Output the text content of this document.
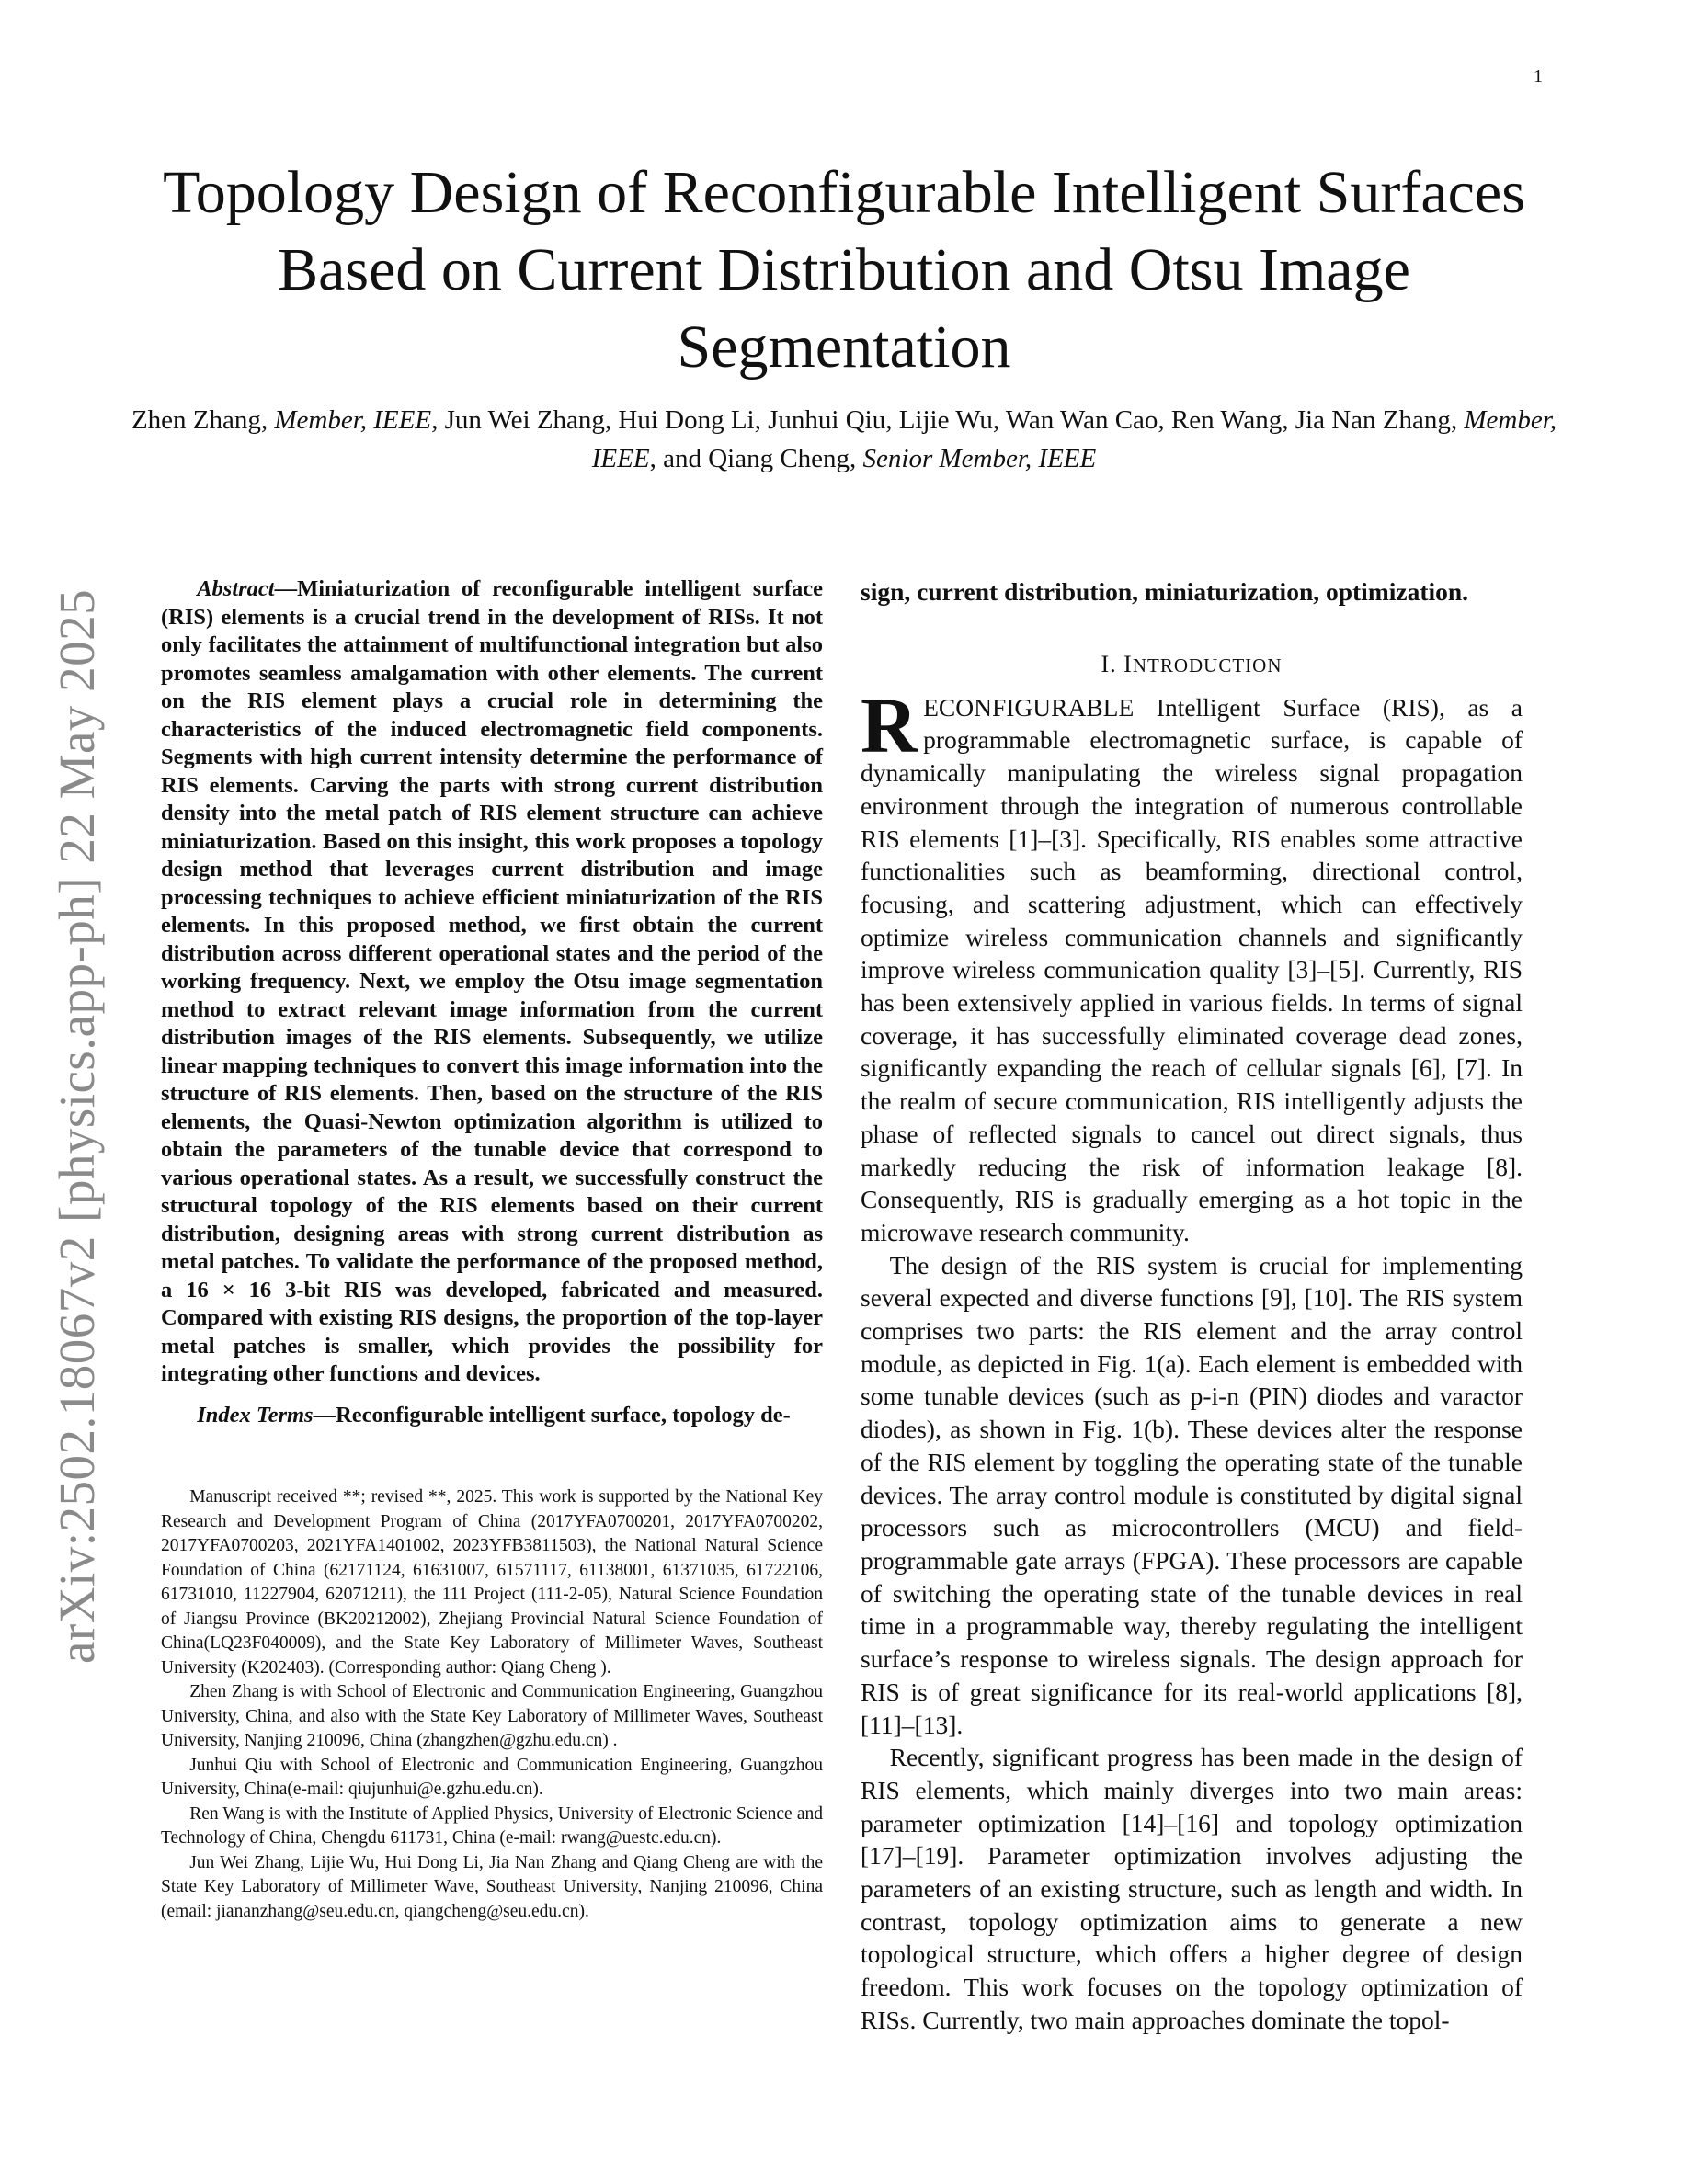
1
arXiv:2502.18067v2 [physics.app-ph] 22 May 2025
Topology Design of Reconfigurable Intelligent Surfaces Based on Current Distribution and Otsu Image Segmentation
Zhen Zhang, Member, IEEE, Jun Wei Zhang, Hui Dong Li, Junhui Qiu, Lijie Wu, Wan Wan Cao, Ren Wang, Jia Nan Zhang, Member, IEEE, and Qiang Cheng, Senior Member, IEEE

Abstract—Miniaturization of reconfigurable intelligent surface (RIS) elements is a crucial trend in the development of RISs. It not only facilitates the attainment of multifunctional integration but also promotes seamless amalgamation with other elements. The current on the RIS element plays a crucial role in determining the characteristics of the induced electromagnetic field components. Segments with high current intensity determine the performance of RIS elements. Carving the parts with strong current distribution density into the metal patch of RIS element structure can achieve miniaturization. Based on this insight, this work proposes a topology design method that leverages current distribution and image processing techniques to achieve efficient miniaturization of the RIS elements. In this proposed method, we first obtain the current distribution across different operational states and the period of the working frequency. Next, we employ the Otsu image segmentation method to extract relevant image information from the current distribution images of the RIS elements. Subsequently, we utilize linear mapping techniques to convert this image information into the structure of RIS elements. Then, based on the structure of the RIS elements, the Quasi-Newton optimization algorithm is utilized to obtain the parameters of the tunable device that correspond to various operational states. As a result, we successfully construct the structural topology of the RIS elements based on their current distribution, designing areas with strong current distribution as metal patches. To validate the performance of the proposed method, a 16 × 16 3-bit RIS was developed, fabricated and measured. Compared with existing RIS designs, the proportion of the top-layer metal patches is smaller, which provides the possibility for integrating other functions and devices.

Index Terms—Reconfigurable intelligent surface, topology de-

Manuscript received **; revised **, 2025. This work is supported by the National Key Research and Development Program of China (2017YFA0700201, 2017YFA0700202, 2017YFA0700203, 2021YFA1401002, 2023YFB3811503), the National Natural Science Foundation of China (62171124, 61631007, 61571117, 61138001, 61371035, 61722106, 61731010, 11227904, 62071211), the 111 Project (111-2-05), Natural Science Foundation of Jiangsu Province (BK20212002), Zhejiang Provincial Natural Science Foundation of China(LQ23F040009), and the State Key Laboratory of Millimeter Waves, Southeast University (K202403). (Corresponding author: Qiang Cheng ).

Zhen Zhang is with School of Electronic and Communication Engineering, Guangzhou University, China, and also with the State Key Laboratory of Millimeter Waves, Southeast University, Nanjing 210096, China (zhangzhen@gzhu.edu.cn) .

Junhui Qiu with School of Electronic and Communication Engineering, Guangzhou University, China(e-mail: qiujunhui@e.gzhu.edu.cn).

Ren Wang is with the Institute of Applied Physics, University of Electronic Science and Technology of China, Chengdu 611731, China (e-mail: rwang@uestc.edu.cn).

Jun Wei Zhang, Lijie Wu, Hui Dong Li, Jia Nan Zhang and Qiang Cheng are with the State Key Laboratory of Millimeter Wave, Southeast University, Nanjing 210096, China (email: jiananzhang@seu.edu.cn, qiangcheng@seu.edu.cn).

sign, current distribution, miniaturization, optimization.

I. INTRODUCTION

RECONFIGURABLE Intelligent Surface (RIS), as a programmable electromagnetic surface, is capable of dynamically manipulating the wireless signal propagation environment through the integration of numerous controllable RIS elements [1]–[3]. Specifically, RIS enables some attractive functionalities such as beamforming, directional control, focusing, and scattering adjustment, which can effectively optimize wireless communication channels and significantly improve wireless communication quality [3]–[5]. Currently, RIS has been extensively applied in various fields. In terms of signal coverage, it has successfully eliminated coverage dead zones, significantly expanding the reach of cellular signals [6], [7]. In the realm of secure communication, RIS intelligently adjusts the phase of reflected signals to cancel out direct signals, thus markedly reducing the risk of information leakage [8]. Consequently, RIS is gradually emerging as a hot topic in the microwave research community.

The design of the RIS system is crucial for implementing several expected and diverse functions [9], [10]. The RIS system comprises two parts: the RIS element and the array control module, as depicted in Fig. 1(a). Each element is embedded with some tunable devices (such as p-i-n (PIN) diodes and varactor diodes), as shown in Fig. 1(b). These devices alter the response of the RIS element by toggling the operating state of the tunable devices. The array control module is constituted by digital signal processors such as microcontrollers (MCU) and field-programmable gate arrays (FPGA). These processors are capable of switching the operating state of the tunable devices in real time in a programmable way, thereby regulating the intelligent surface’s response to wireless signals. The design approach for RIS is of great significance for its real-world applications [8], [11]–[13].

Recently, significant progress has been made in the design of RIS elements, which mainly diverges into two main areas: parameter optimization [14]–[16] and topology optimization [17]–[19]. Parameter optimization involves adjusting the parameters of an existing structure, such as length and width. In contrast, topology optimization aims to generate a new topological structure, which offers a higher degree of design freedom. This work focuses on the topology optimization of RISs. Currently, two main approaches dominate the topol-
